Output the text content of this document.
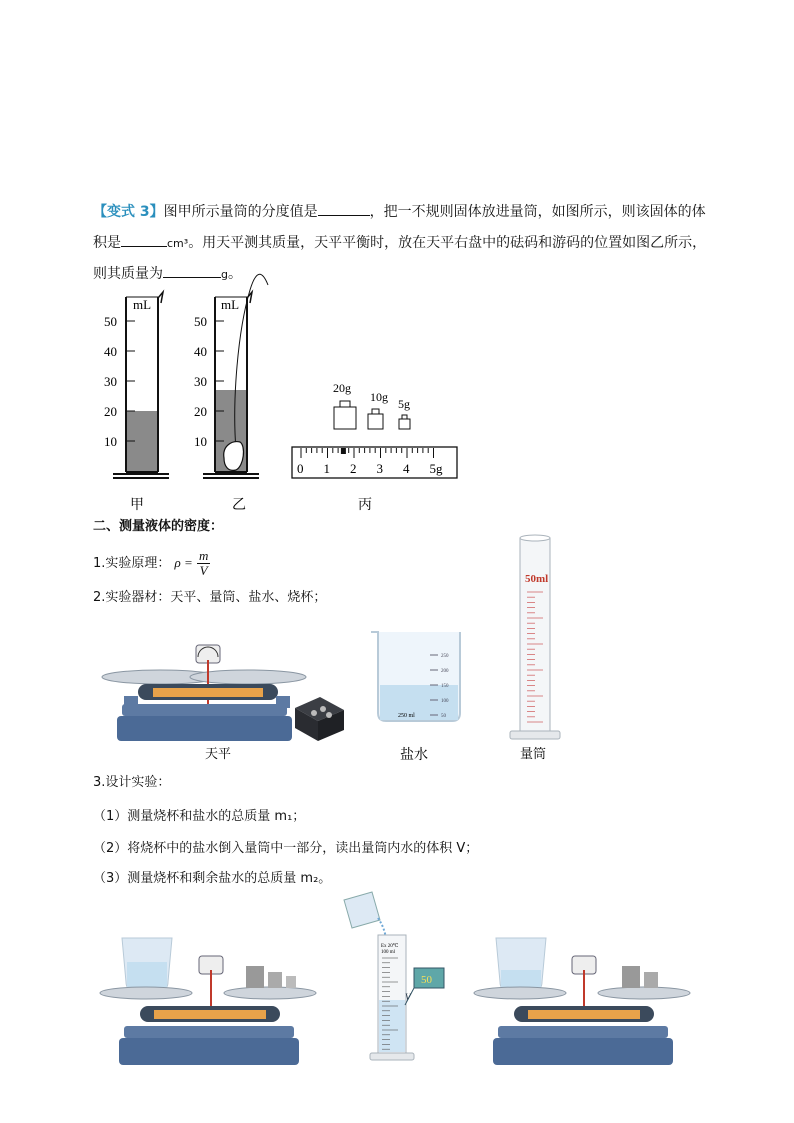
【变式 3】图甲所示量筒的分度值是	，把一不规则固体放进量筒，如图所示，则该固体的体
积是	cm³。用天平测其质量，天平平衡时，放在天平右盘中的砝码和游码的位置如图乙所示，
则其质量为	g。
mL
50
40
30
20
10
mL
50
40
30
20
10
20g
10g 5g
0 1 2 3 4 5g
甲	乙	丙
二、测量液体的密度：
1.实验原理： $\rho = \frac{m}{V}$
2.实验器材：天平、量筒、盐水、烧杯；
天平
250
200
150
100
50
250 ml
盐水
50ml
量筒
3.设计实验：
（1）测量烧杯和盐水的总质量 m₁；
（2）将烧杯中的盐水倒入量筒中一部分，读出量筒内水的体积 V；
（3）测量烧杯和剩余盐水的总质量 m₂。
Ex 20℃
100 ml
50
V
